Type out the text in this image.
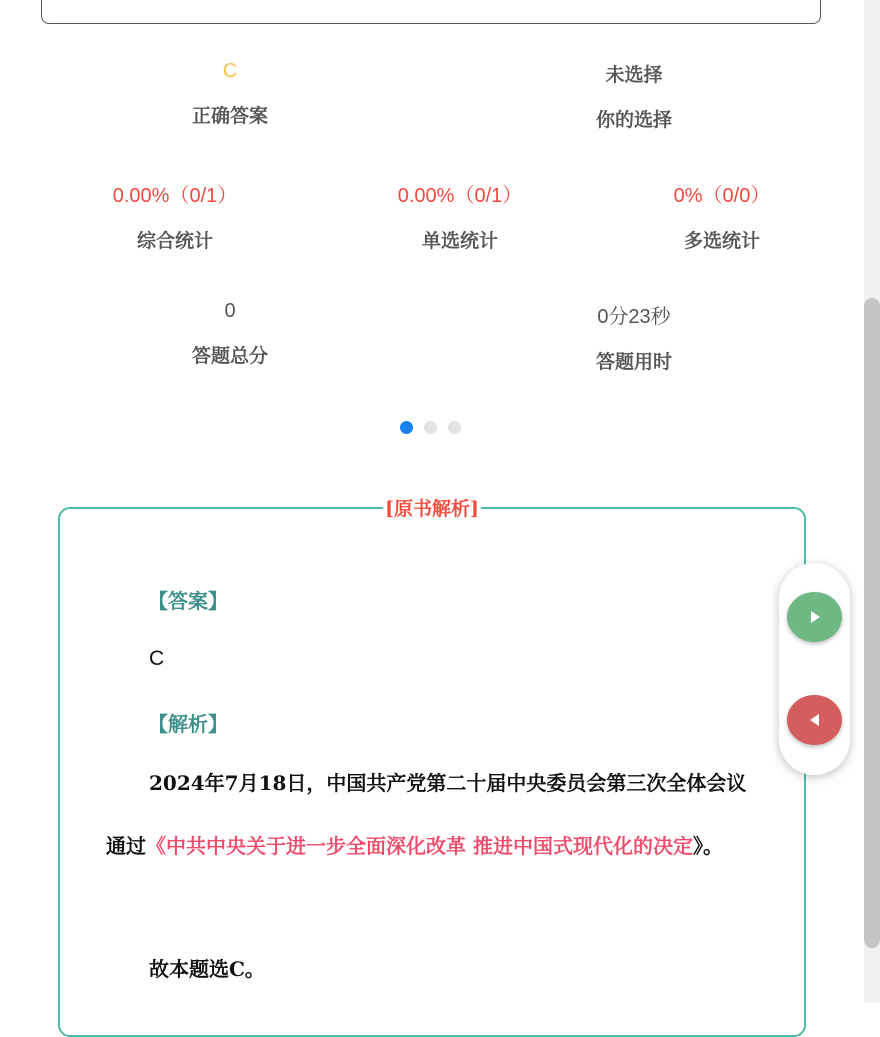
C
正确答案
未选择
你的选择
0.00%（0/1）
综合统计
0.00%（0/1）
单选统计
0%（0/0）
多选统计
0
答题总分
0分23秒
答题用时
[原书解析]
【答案】
C
【解析】
2024年7月18日，中国共产党第二十届中央委员会第三次全体会议通过《中共中央关于进一步全面深化改革 推进中国式现代化的决定》。
故本题选C。
